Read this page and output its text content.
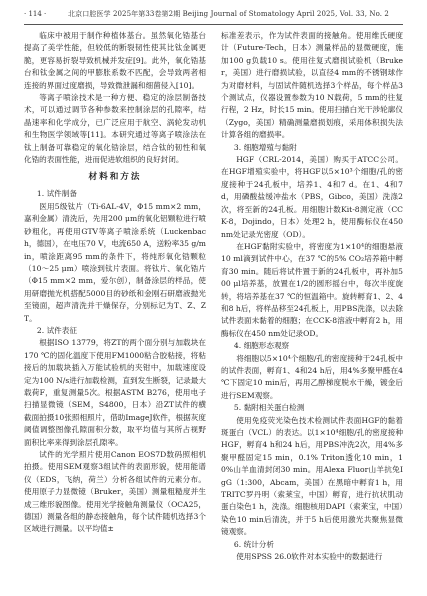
· 114 ·	北京口腔医学 2025年第33卷第2期 Beijing Journal of Stomatology April 2025, Vol. 33, No. 2

临床中被用于制作种植体基台。虽然氧化锆基台提高了美学性能，但较低的断裂韧性使其比钛金属更脆，更容易折裂导致机械并发症[9]。此外，氧化锆基台和钛金属之间的甲膨胀系数不匹配，会导致两者相连接的界面过度磨损，导致微泄漏和细菌侵入[10]。

等离子喷涂技术是一种方便、稳定的涂层制备技术，可以通过调节各种参数来控制涂层的孔隙率，结晶速率和化学成分，已广泛应用于航空、涡轮发动机和生物医学领域等[11]。本研究通过等离子喷涂法在钛上制备可靠稳定的氧化锆涂层，结合钛的韧性和氧化锆的表面性能，进而促进软组织的良好封闭。

材料和方法

1. 试件制备

医用5级钛片（Ti-6AL-4V，Φ15 mm×2 mm，嘉利金属）清洗后，先用200 μm的氧化铝颗粒进行喷砂粗化，再使用GTV等离子喷涂系统（Luckenbach，德国），在电压70 V，电流650 A，送粉率35 g/min，喷涂距离95 mm的条件下，将纯形氧化锆颗粒（10～25 μm）喷涂到钛片表面。将钛片、氧化锆片（Φ15 mm×2 mm，爱尔创），制备涂层的样品，使用研磨抛光机搭配5000目的砂纸和金刚石研磨液抛光至镜面，超声清洗并干燥保存，分别标记为T、Z、ZT。

2. 试件表征

根据ISO 13779，将ZT的两个面分别与加载块在170 ℃的固化温度下使用FM1000粘合胶粘接，将粘接后的加载块插入万能试验机的夹钳中，加载速度设定为100 N/s进行加载检测，直到发生断裂，记录最大载荷F，重复测量5次。根据ASTM B276，使用电子扫描显微镜（SEM，S4800，日本）沿ZT试件的横截面拍摄10张照相照片，借助ImageJ软件，根据灰度阈值调整图像孔隙面积分数，取平均值与其所占视野面积比率来得到涂层孔隙率。

试件的光学照片使用Canon EOS7D数码照相机拍摄。使用SEM观察3组试件的表面形貌，使用能谱仪（EDS，飞纳，荷兰）分析各组试件的元素分布。使用原子力显微镜（Bruker，美国）测量粗糙度并生成三维形貌图像。使用光学接触角测量仪（OCA25，德国）测量各组的静态接触角，每个试件随机选择3个区域进行测量。以平均值±

标准差表示，作为试件表面的接触角。使用维氏硬度计（Future-Tech，日本）测量样品的显微硬度，施加100 g负载10 s。使用往复式磨损试验机（Bruker，美国）进行磨损试验，以直径4 mm的不锈钢球作为对磨材料，与固试件随机选择3个样品，每个样品3个测试点，仪器设置参数为10 N载荷，5 mm的往复行程，2 Hz，时长15 min。使用扫描白光干涉轮廓仪（Zygo，美国）精确测量磨损划痕，采用体积损失法计算各组的磨损率。

3. 细胞增殖与黏附

HGF（CRL-2014，美国）购买于ATCC公司。在HGF增殖实验中，将HGF以5×10³个细胞/孔的密度接种于24孔板中，培养1、4和7 d。在1、4和7 d，用磷酸盐缓冲盐水（PBS，Gibco，美国）洗涤2次，将至新的24孔板。用细胞计数Kit-8测定液（CCK-8，Dojindo，日本）处理2 h，使用酶标仪在450 nm处记录光密度（OD）。

在HGF黏附实验中，将密度为1×10⁴的细胞悬液10 ml滴到试件中心，在37 ℃的5% CO₂培养箱中孵育30 min。随后将试件置于新的24孔板中，再补加500 μl培养基，放置在1/2的圆形摇台中，每次半度旋转，将培养基在37 ℃的恒温箱中。旋转孵育1、2、4和8 h后，将样品移至24孔板上，用PBS洗涤，以去除试件表面未黏着的细胞；在CCK-8溶液中孵育2 h，用酶标仪在450 nm处记录OD。

4. 细胞形态观察

将细胞以5×10⁴个细胞/孔的密度接种于24孔板中的试件表面，孵育1、4和24 h后，用4%多聚甲醛在4 ℃下固定10 min后，再用乙醇梯度脱水干燥，镀金后进行SEM观察。

5. 黏附相关蛋白检测

使用免疫荧光染色技术检测试件表面HGF的黏着斑蛋白（VCL）的表达。以1×10⁴细胞/孔的密度接种HGF，孵育4 h和24 h后，用PBS冲洗2次，用4%多聚甲醛固定15 min，0.1% Triton透化10 min，10%山羊血清封闭30 min。用Alexa Fluor山羊抗兔IgG（1:300，Abcam，美国）在黑暗中孵育1 h，用TRITC罗丹明（索莱宝，中国）孵育，进行抗状肌动蛋白染色1 h，洗涤。细胞核用DAPI（索莱宝，中国）染色10 min后清洗，并于5 h后使用激光共聚焦显微镜观察。

6. 统计分析

使用SPSS 26.0软件对本实验中的数据进行
